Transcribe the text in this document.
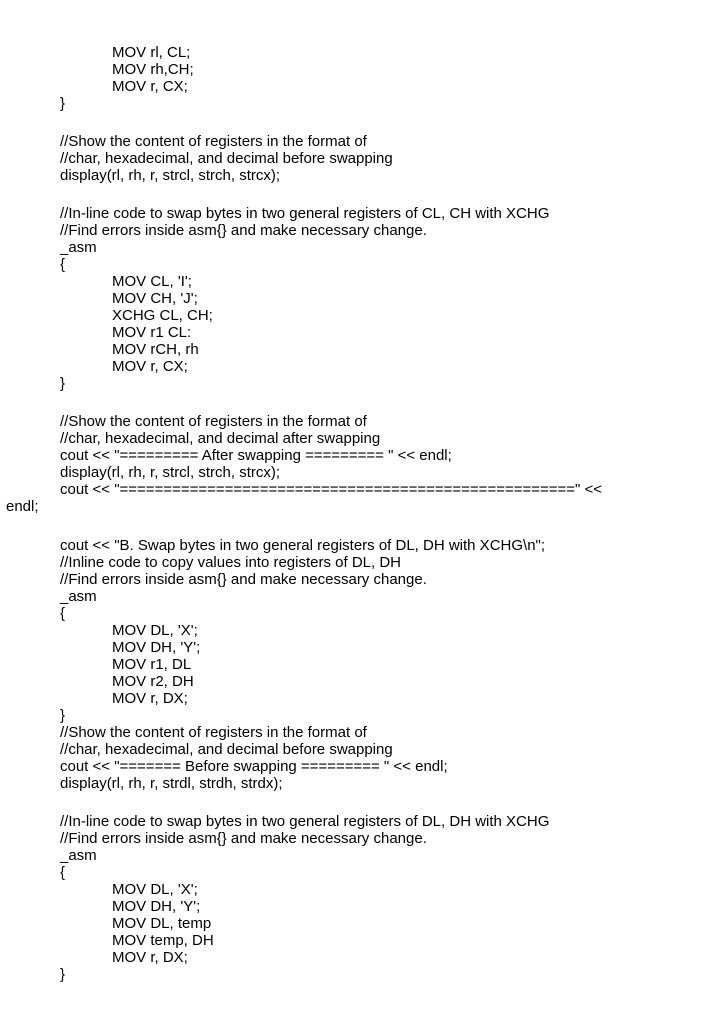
MOV rl, CL;
MOV rh,CH;
MOV r, CX;
}
//Show the content of registers in the format of
//char, hexadecimal, and decimal before swapping
display(rl, rh, r, strcl, strch, strcx);
//In-line code to swap bytes in two general registers of CL, CH with XCHG
//Find errors inside asm{} and make necessary change.
_asm
{
MOV CL, 'I';
MOV CH, 'J';
XCHG CL, CH;
MOV r1 CL:
MOV rCH, rh
MOV r, CX;
}
//Show the content of registers in the format of
//char, hexadecimal, and decimal after swapping
cout << "========= After swapping ========= " << endl;
display(rl, rh, r, strcl, strch, strcx);
cout << "====================================================" <<
endl;
cout << "B. Swap bytes in two general registers of DL, DH with XCHG\n";
//Inline code to copy values into registers of DL, DH
//Find errors inside asm{} and make necessary change.
_asm
{
MOV DL, 'X';
MOV DH, 'Y';
MOV r1, DL
MOV r2, DH
MOV r, DX;
}
//Show the content of registers in the format of
//char, hexadecimal, and decimal before swapping
cout << "======= Before swapping ========= " << endl;
display(rl, rh, r, strdl, strdh, strdx);
//In-line code to swap bytes in two general registers of DL, DH with XCHG
//Find errors inside asm{} and make necessary change.
_asm
{
MOV DL, 'X';
MOV DH, 'Y';
MOV DL, temp
MOV temp, DH
MOV r, DX;
}
